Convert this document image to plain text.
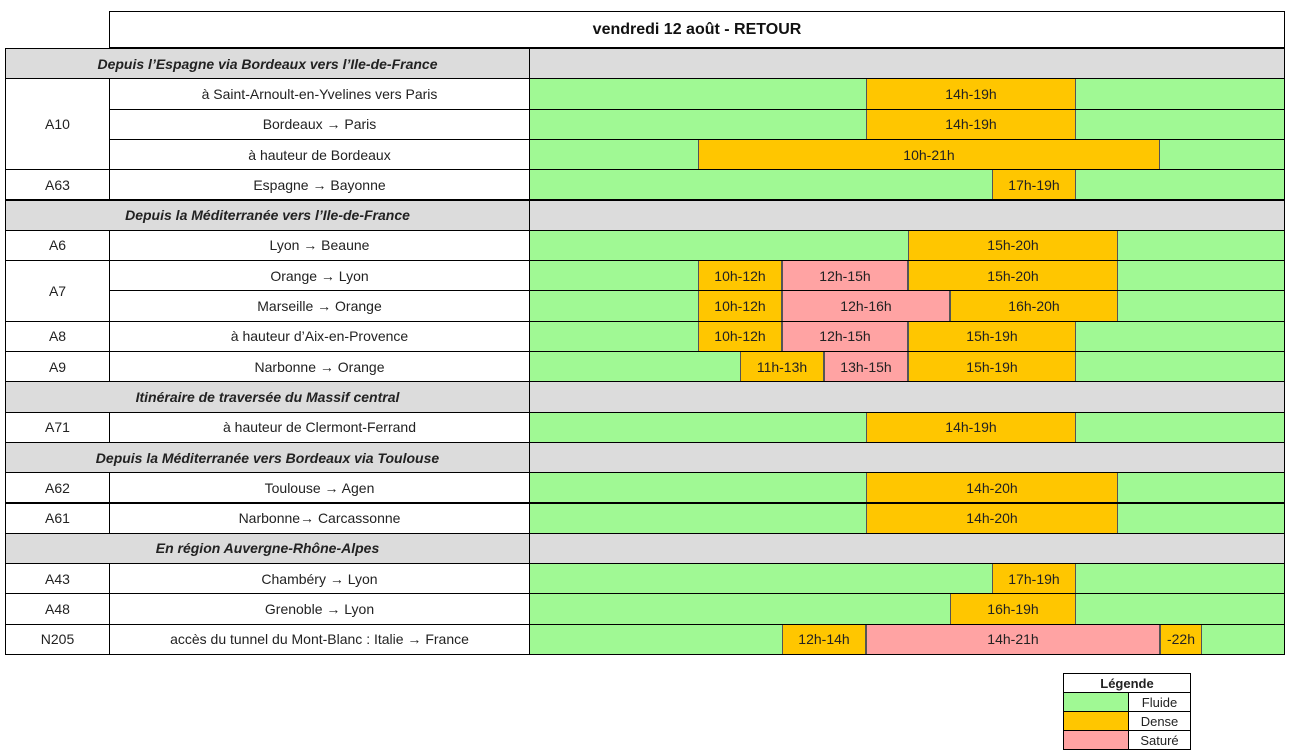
vendredi 12 août - RETOUR
Depuis l’Espagne via Bordeaux vers l’Ile-de-France
A10
à Saint-Arnoult-en-Yvelines vers Paris	14h-19h
Bordeaux → Paris	14h-19h
à hauteur de Bordeaux	10h-21h
A63	Espagne → Bayonne	17h-19h
Depuis la Méditerranée vers l’Ile-de-France
A6	Lyon → Beaune	15h-20h
A7
Orange → Lyon	10h-12h	12h-15h	15h-20h
Marseille → Orange	10h-12h	12h-16h	16h-20h
A8	à hauteur d’Aix-en-Provence	10h-12h	12h-15h	15h-19h
A9	Narbonne → Orange	11h-13h	13h-15h	15h-19h
Itinéraire de traversée du Massif central
A71	à hauteur de Clermont-Ferrand	14h-19h
Depuis la Méditerranée vers Bordeaux via Toulouse
A62	Toulouse → Agen	14h-20h
A61	Narbonne→ Carcassonne	14h-20h
En région Auvergne-Rhône-Alpes
A43	Chambéry → Lyon	17h-19h
A48	Grenoble → Lyon	16h-19h
N205	accès du tunnel du Mont-Blanc : Italie → France	12h-14h	14h-21h	-22h
Légende
Fluide
Dense
Saturé
